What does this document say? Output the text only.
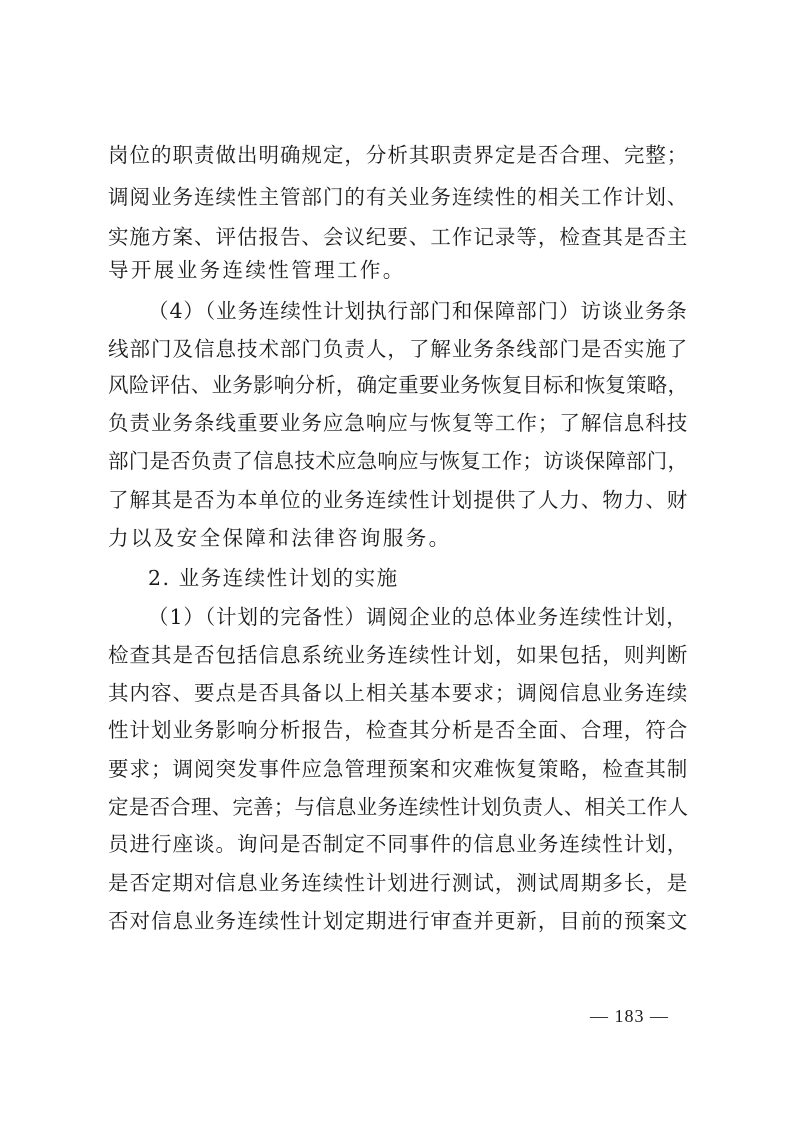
岗位的职责做出明确规定，分析其职责界定是否合理、完整；
调阅业务连续性主管部门的有关业务连续性的相关工作计划、
实施方案、评估报告、会议纪要、工作记录等，检查其是否主
导开展业务连续性管理工作。
（4）（业务连续性计划执行部门和保障部门）访谈业务条
线部门及信息技术部门负责人，了解业务条线部门是否实施了
风险评估、业务影响分析，确定重要业务恢复目标和恢复策略，
负责业务条线重要业务应急响应与恢复等工作；了解信息科技
部门是否负责了信息技术应急响应与恢复工作；访谈保障部门，
了解其是否为本单位的业务连续性计划提供了人力、物力、财
力以及安全保障和法律咨询服务。
2. 业务连续性计划的实施
（1）（计划的完备性）调阅企业的总体业务连续性计划，
检查其是否包括信息系统业务连续性计划，如果包括，则判断
其内容、要点是否具备以上相关基本要求；调阅信息业务连续
性计划业务影响分析报告，检查其分析是否全面、合理，符合
要求；调阅突发事件应急管理预案和灾难恢复策略，检查其制
定是否合理、完善；与信息业务连续性计划负责人、相关工作人
员进行座谈。询问是否制定不同事件的信息业务连续性计划，
是否定期对信息业务连续性计划进行测试，测试周期多长，是
否对信息业务连续性计划定期进行审查并更新，目前的预案文
— 183 —
